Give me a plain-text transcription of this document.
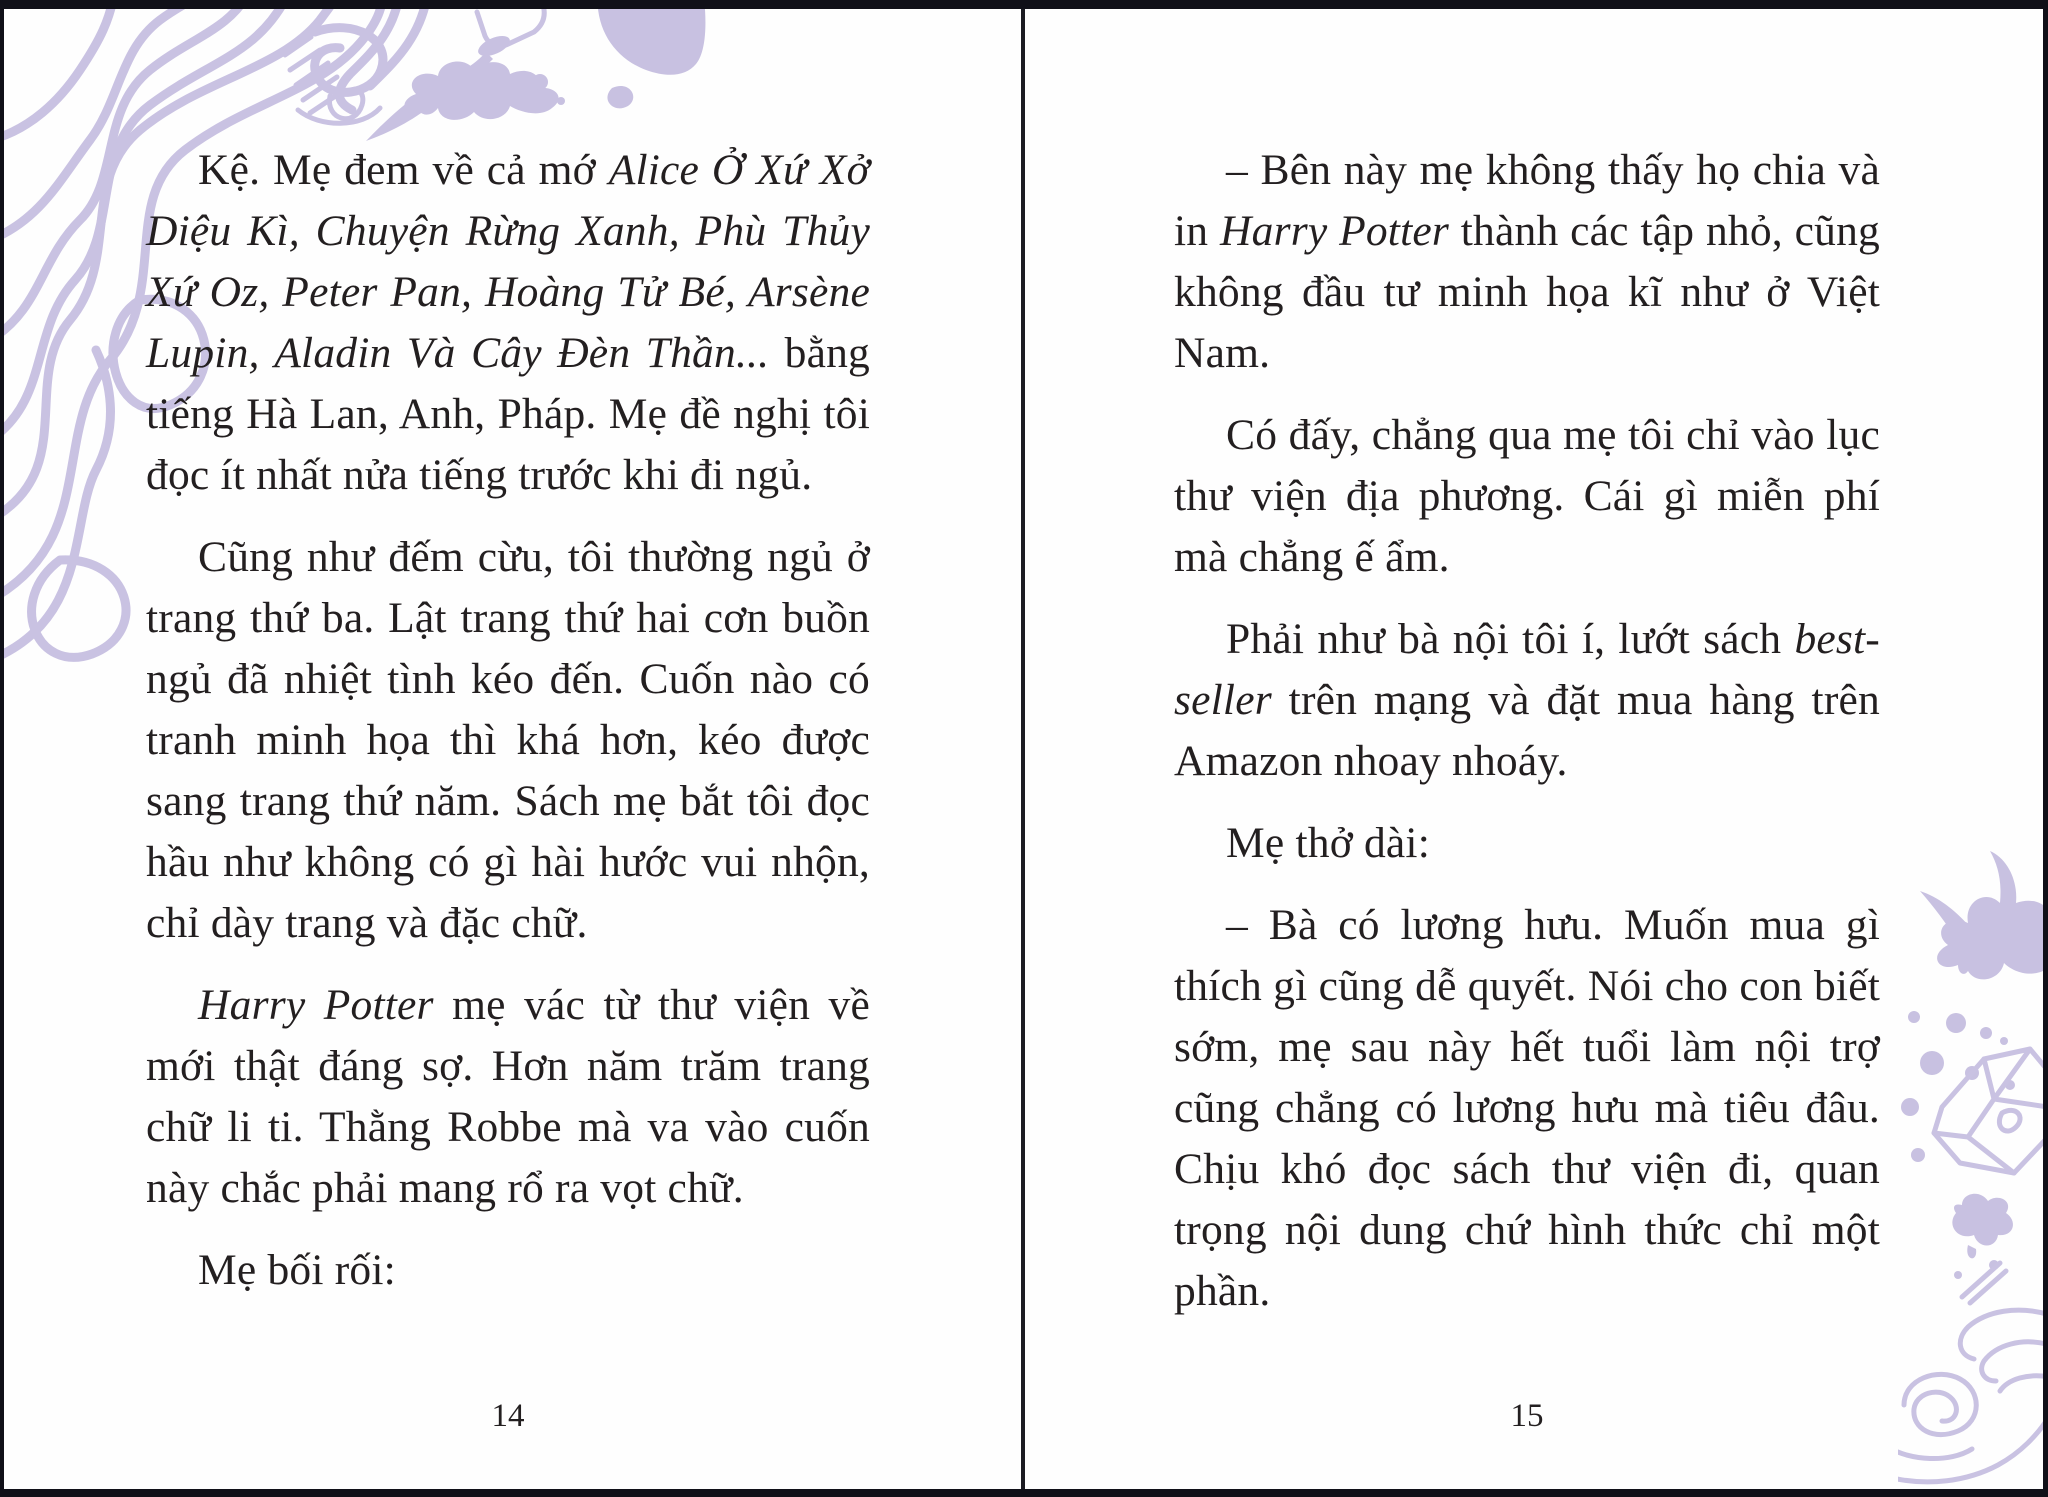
Kệ. Mẹ đem về cả mớ Alice Ở Xứ Xở Diệu Kì, Chuyện Rừng Xanh, Phù Thủy Xứ Oz, Peter Pan, Hoàng Tử Bé, Arsène Lupin, Aladin Và Cây Đèn Thần... bằng tiếng Hà Lan, Anh, Pháp. Mẹ đề nghị tôi đọc ít nhất nửa tiếng trước khi đi ngủ.

Cũng như đếm cừu, tôi thường ngủ ở trang thứ ba. Lật trang thứ hai cơn buồn ngủ đã nhiệt tình kéo đến. Cuốn nào có tranh minh họa thì khá hơn, kéo được sang trang thứ năm. Sách mẹ bắt tôi đọc hầu như không có gì hài hước vui nhộn, chỉ dày trang và đặc chữ.

Harry Potter mẹ vác từ thư viện về mới thật đáng sợ. Hơn năm trăm trang chữ li ti. Thằng Robbe mà va vào cuốn này chắc phải mang rổ ra vọt chữ.

Mẹ bối rối:

– Bên này mẹ không thấy họ chia và in Harry Potter thành các tập nhỏ, cũng không đầu tư minh họa kĩ như ở Việt Nam.

Có đấy, chẳng qua mẹ tôi chỉ vào lục thư viện địa phương. Cái gì miễn phí mà chẳng ế ẩm.

Phải như bà nội tôi í, lướt sách best-seller trên mạng và đặt mua hàng trên Amazon nhoay nhoáy.

Mẹ thở dài:

– Bà có lương hưu. Muốn mua gì thích gì cũng dễ quyết. Nói cho con biết sớm, mẹ sau này hết tuổi làm nội trợ cũng chẳng có lương hưu mà tiêu đâu. Chịu khó đọc sách thư viện đi, quan trọng nội dung chứ hình thức chỉ một phần.

14	15
